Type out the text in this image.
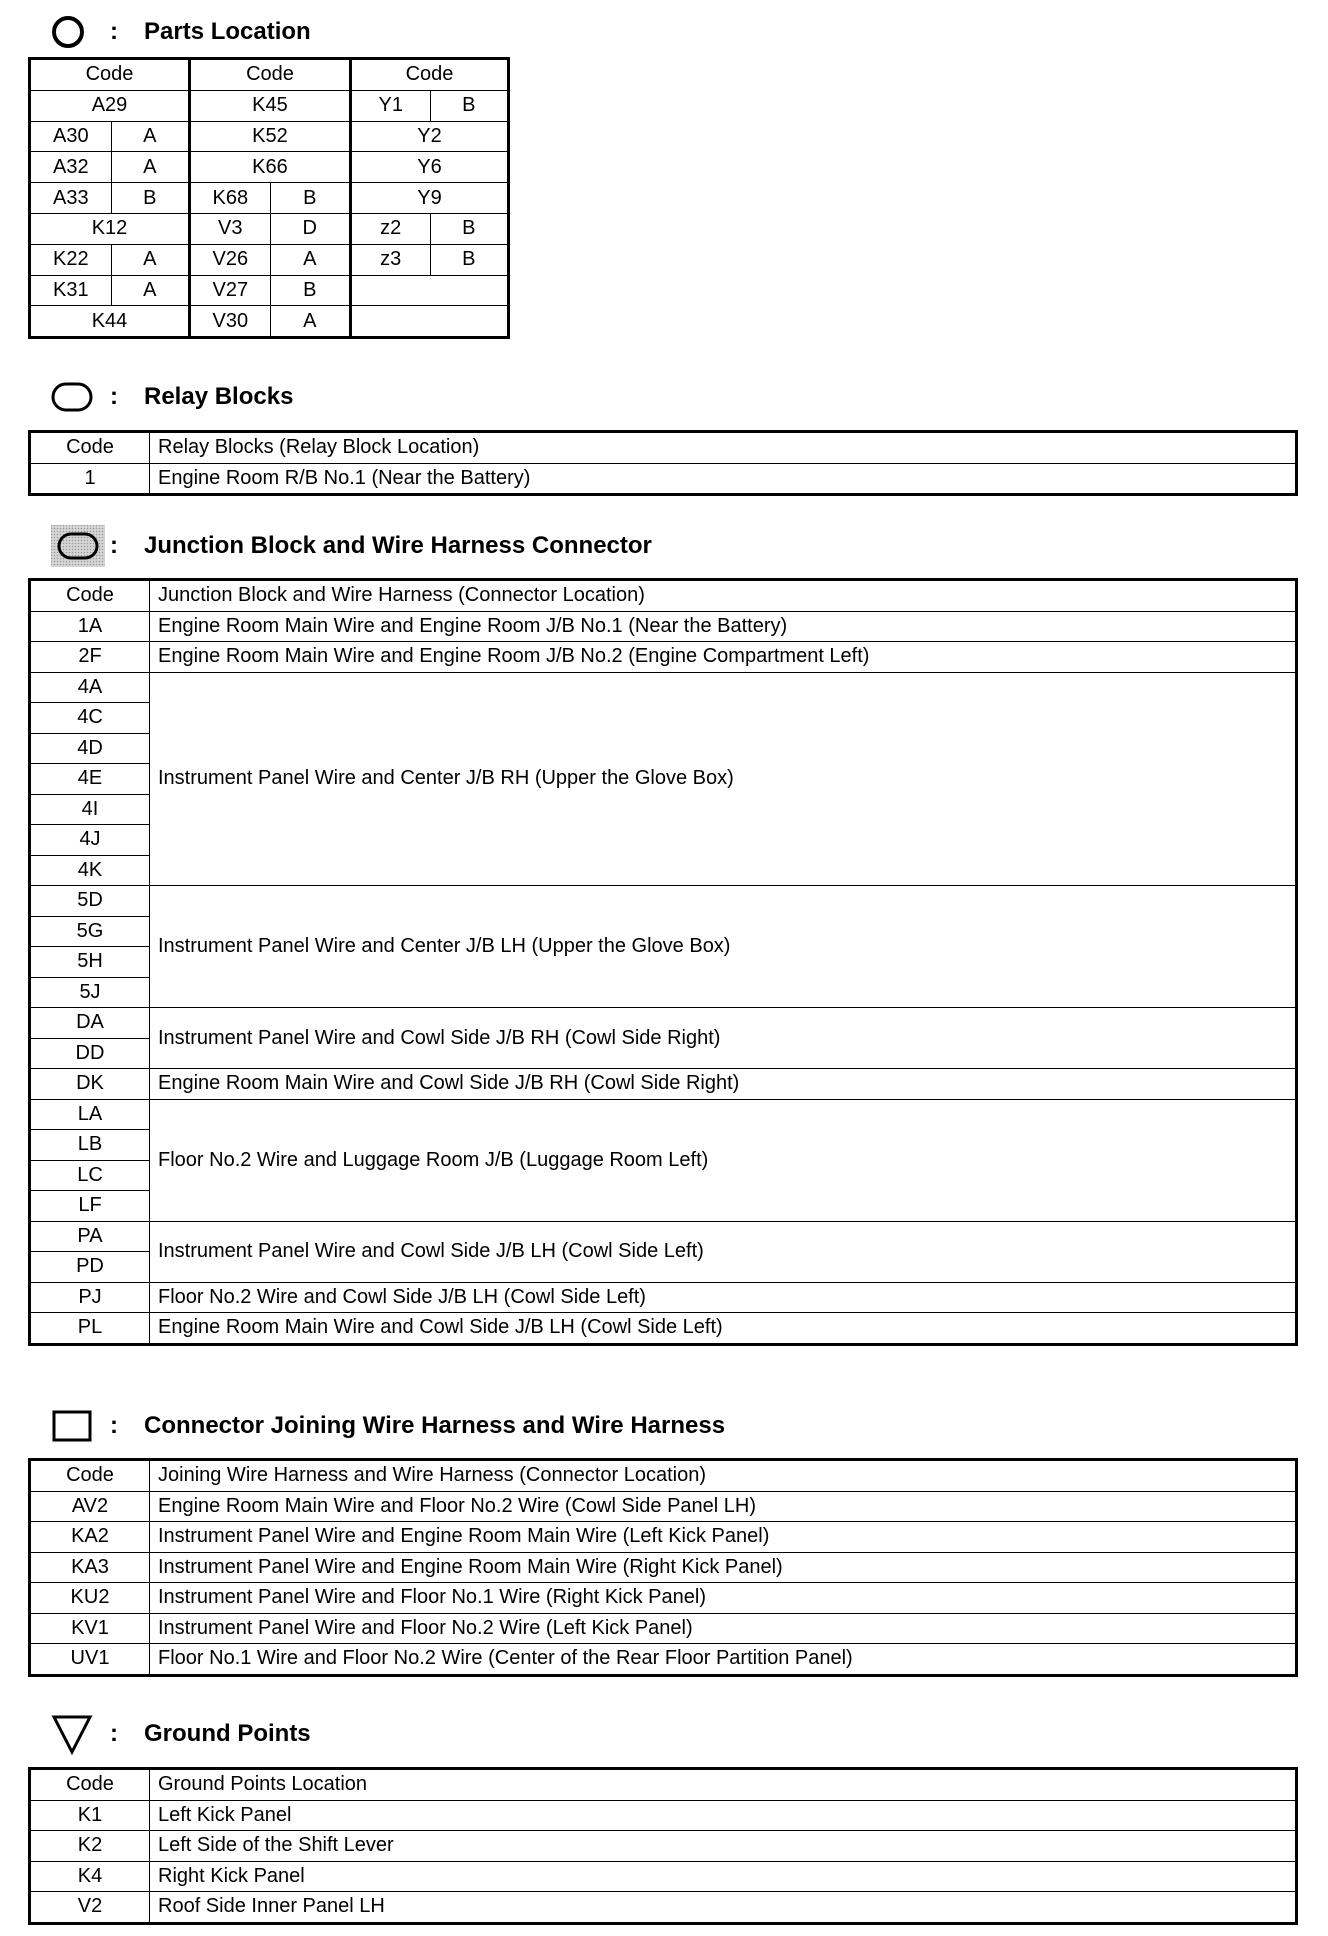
:	Parts Location
Code		Code		Code	
A29		K45		Y1	B
A30	A	K52		Y2	
A32	A	K66		Y6	
A33	B	K68	B	Y9	
K12		V3	D	z2	B
K22	A	V26	A	z3	B
K31	A	V27	B		
K44		V30	A		
:	Relay Blocks
Code	Relay Blocks (Relay Block Location)
1	Engine Room R/B No.1 (Near the Battery)
:	Junction Block and Wire Harness Connector
Code	Junction Block and Wire Harness (Connector Location)
1A	Engine Room Main Wire and Engine Room J/B No.1 (Near the Battery)
2F	Engine Room Main Wire and Engine Room J/B No.2 (Engine Compartment Left)
4A	Instrument Panel Wire and Center J/B RH (Upper the Glove Box)
4C	
4D	
4E	
4I	
4J	
4K	
5D	Instrument Panel Wire and Center J/B LH (Upper the Glove Box)
5G	
5H	
5J	
DA	Instrument Panel Wire and Cowl Side J/B RH (Cowl Side Right)
DD	
DK	Engine Room Main Wire and Cowl Side J/B RH (Cowl Side Right)
LA	Floor No.2 Wire and Luggage Room J/B (Luggage Room Left)
LB	
LC	
LF	
PA	Instrument Panel Wire and Cowl Side J/B LH (Cowl Side Left)
PD	
PJ	Floor No.2 Wire and Cowl Side J/B LH (Cowl Side Left)
PL	Engine Room Main Wire and Cowl Side J/B LH (Cowl Side Left)
:	Connector Joining Wire Harness and Wire Harness
Code	Joining Wire Harness and Wire Harness (Connector Location)
AV2	Engine Room Main Wire and Floor No.2 Wire (Cowl Side Panel LH)
KA2	Instrument Panel Wire and Engine Room Main Wire (Left Kick Panel)
KA3	Instrument Panel Wire and Engine Room Main Wire (Right Kick Panel)
KU2	Instrument Panel Wire and Floor No.1 Wire (Right Kick Panel)
KV1	Instrument Panel Wire and Floor No.2 Wire (Left Kick Panel)
UV1	Floor No.1 Wire and Floor No.2 Wire (Center of the Rear Floor Partition Panel)
:	Ground Points
Code	Ground Points Location
K1	Left Kick Panel
K2	Left Side of the Shift Lever
K4	Right Kick Panel
V2	Roof Side Inner Panel LH
